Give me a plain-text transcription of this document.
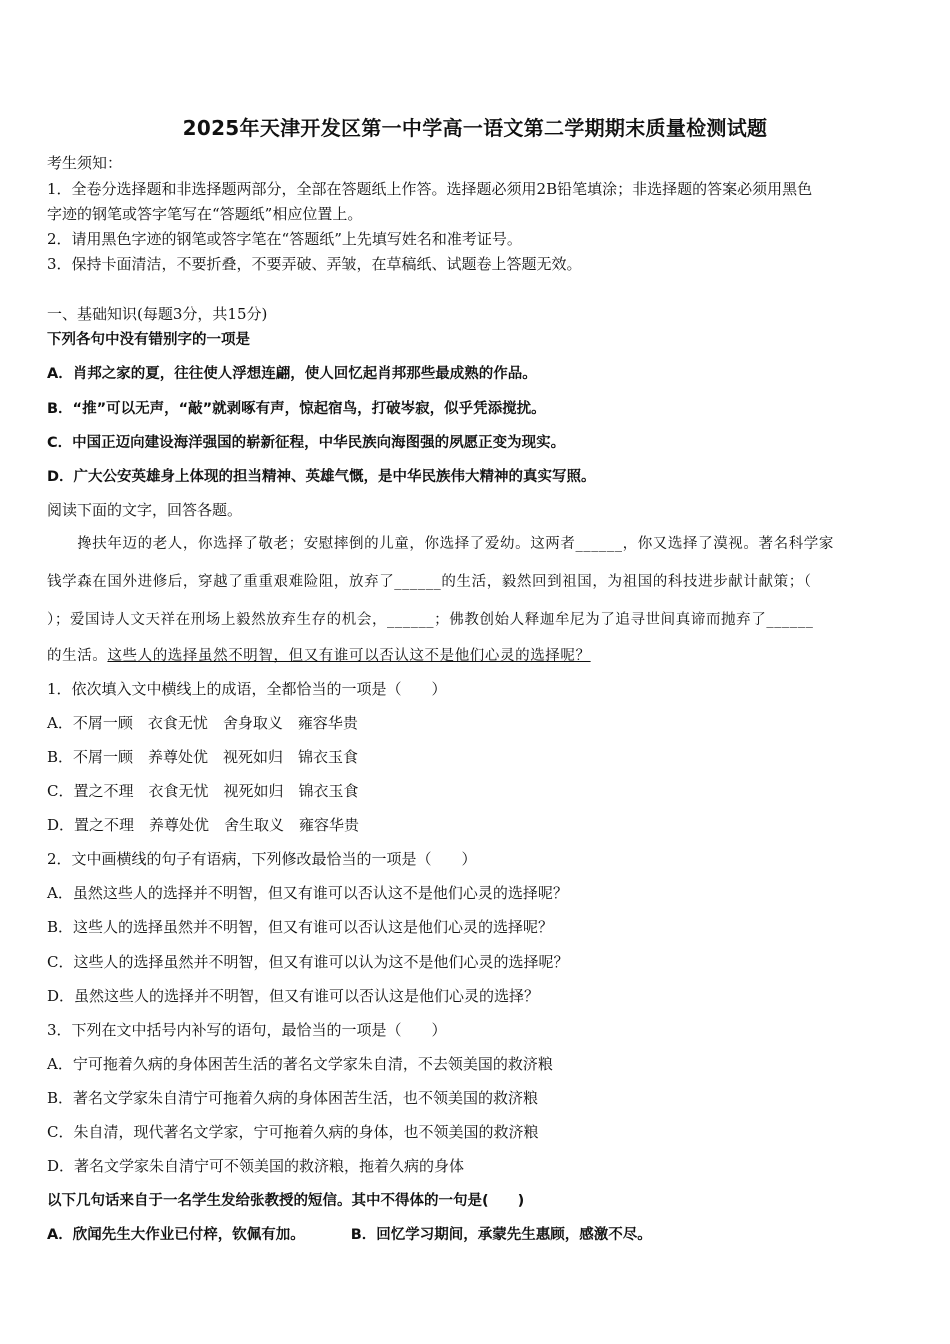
2025年天津开发区第一中学高一语文第二学期期末质量检测试题
考生须知：
1．全卷分选择题和非选择题两部分，全部在答题纸上作答。选择题必须用2B铅笔填涂；非选择题的答案必须用黑色
字迹的钢笔或答字笔写在“答题纸”相应位置上。
2．请用黑色字迹的钢笔或答字笔在“答题纸”上先填写姓名和准考证号。
3．保持卡面清洁，不要折叠，不要弄破、弄皱，在草稿纸、试题卷上答题无效。
一、基础知识(每题3分，共15分)
下列各句中没有错别字的一项是
A．肖邦之家的夏，往往使人浮想连翩，使人回忆起肖邦那些最成熟的作品。
B．“推”可以无声，“敲”就剥啄有声，惊起宿鸟，打破岑寂，似乎凭添搅扰。
C．中国正迈向建设海洋强国的崭新征程，中华民族向海图强的夙愿正变为现实。
D．广大公安英雄身上体现的担当精神、英雄气慨，是中华民族伟大精神的真实写照。
阅读下面的文字，回答各题。
　　搀扶年迈的老人，你选择了敬老；安慰摔倒的儿童，你选择了爱幼。这两者______，你又选择了漠视。著名科学家
钱学森在国外进修后，穿越了重重艰难险阻，放弃了______的生活，毅然回到祖国，为祖国的科技进步献计献策；（
）；爱国诗人文天祥在刑场上毅然放弃生存的机会，______；佛教创始人释迦牟尼为了追寻世间真谛而抛弃了______
的生活。这些人的选择虽然不明智，但又有谁可以否认这不是他们心灵的选择呢？
1．依次填入文中横线上的成语，全都恰当的一项是（　　）
A．不屑一顾　衣食无忧　舍身取义　雍容华贵
B．不屑一顾　养尊处优　视死如归　锦衣玉食
C．置之不理　衣食无忧　视死如归　锦衣玉食
D．置之不理　养尊处优　舍生取义　雍容华贵
2．文中画横线的句子有语病，下列修改最恰当的一项是（　　）
A．虽然这些人的选择并不明智，但又有谁可以否认这不是他们心灵的选择呢？
B．这些人的选择虽然并不明智，但又有谁可以否认这是他们心灵的选择呢？
C．这些人的选择虽然并不明智，但又有谁可以认为这不是他们心灵的选择呢？
D．虽然这些人的选择并不明智，但又有谁可以否认这是他们心灵的选择？
3．下列在文中括号内补写的语句，最恰当的一项是（　　）
A．宁可拖着久病的身体困苦生活的著名文学家朱自清，不去领美国的救济粮
B．著名文学家朱自清宁可拖着久病的身体困苦生活，也不领美国的救济粮
C．朱自清，现代著名文学家，宁可拖着久病的身体，也不领美国的救济粮
D．著名文学家朱自清宁可不领美国的救济粮，拖着久病的身体
以下几句话来自于一名学生发给张教授的短信。其中不得体的一句是(　　)
A．欣闻先生大作业已付梓，钦佩有加。	B．回忆学习期间，承蒙先生惠顾，感激不尽。
